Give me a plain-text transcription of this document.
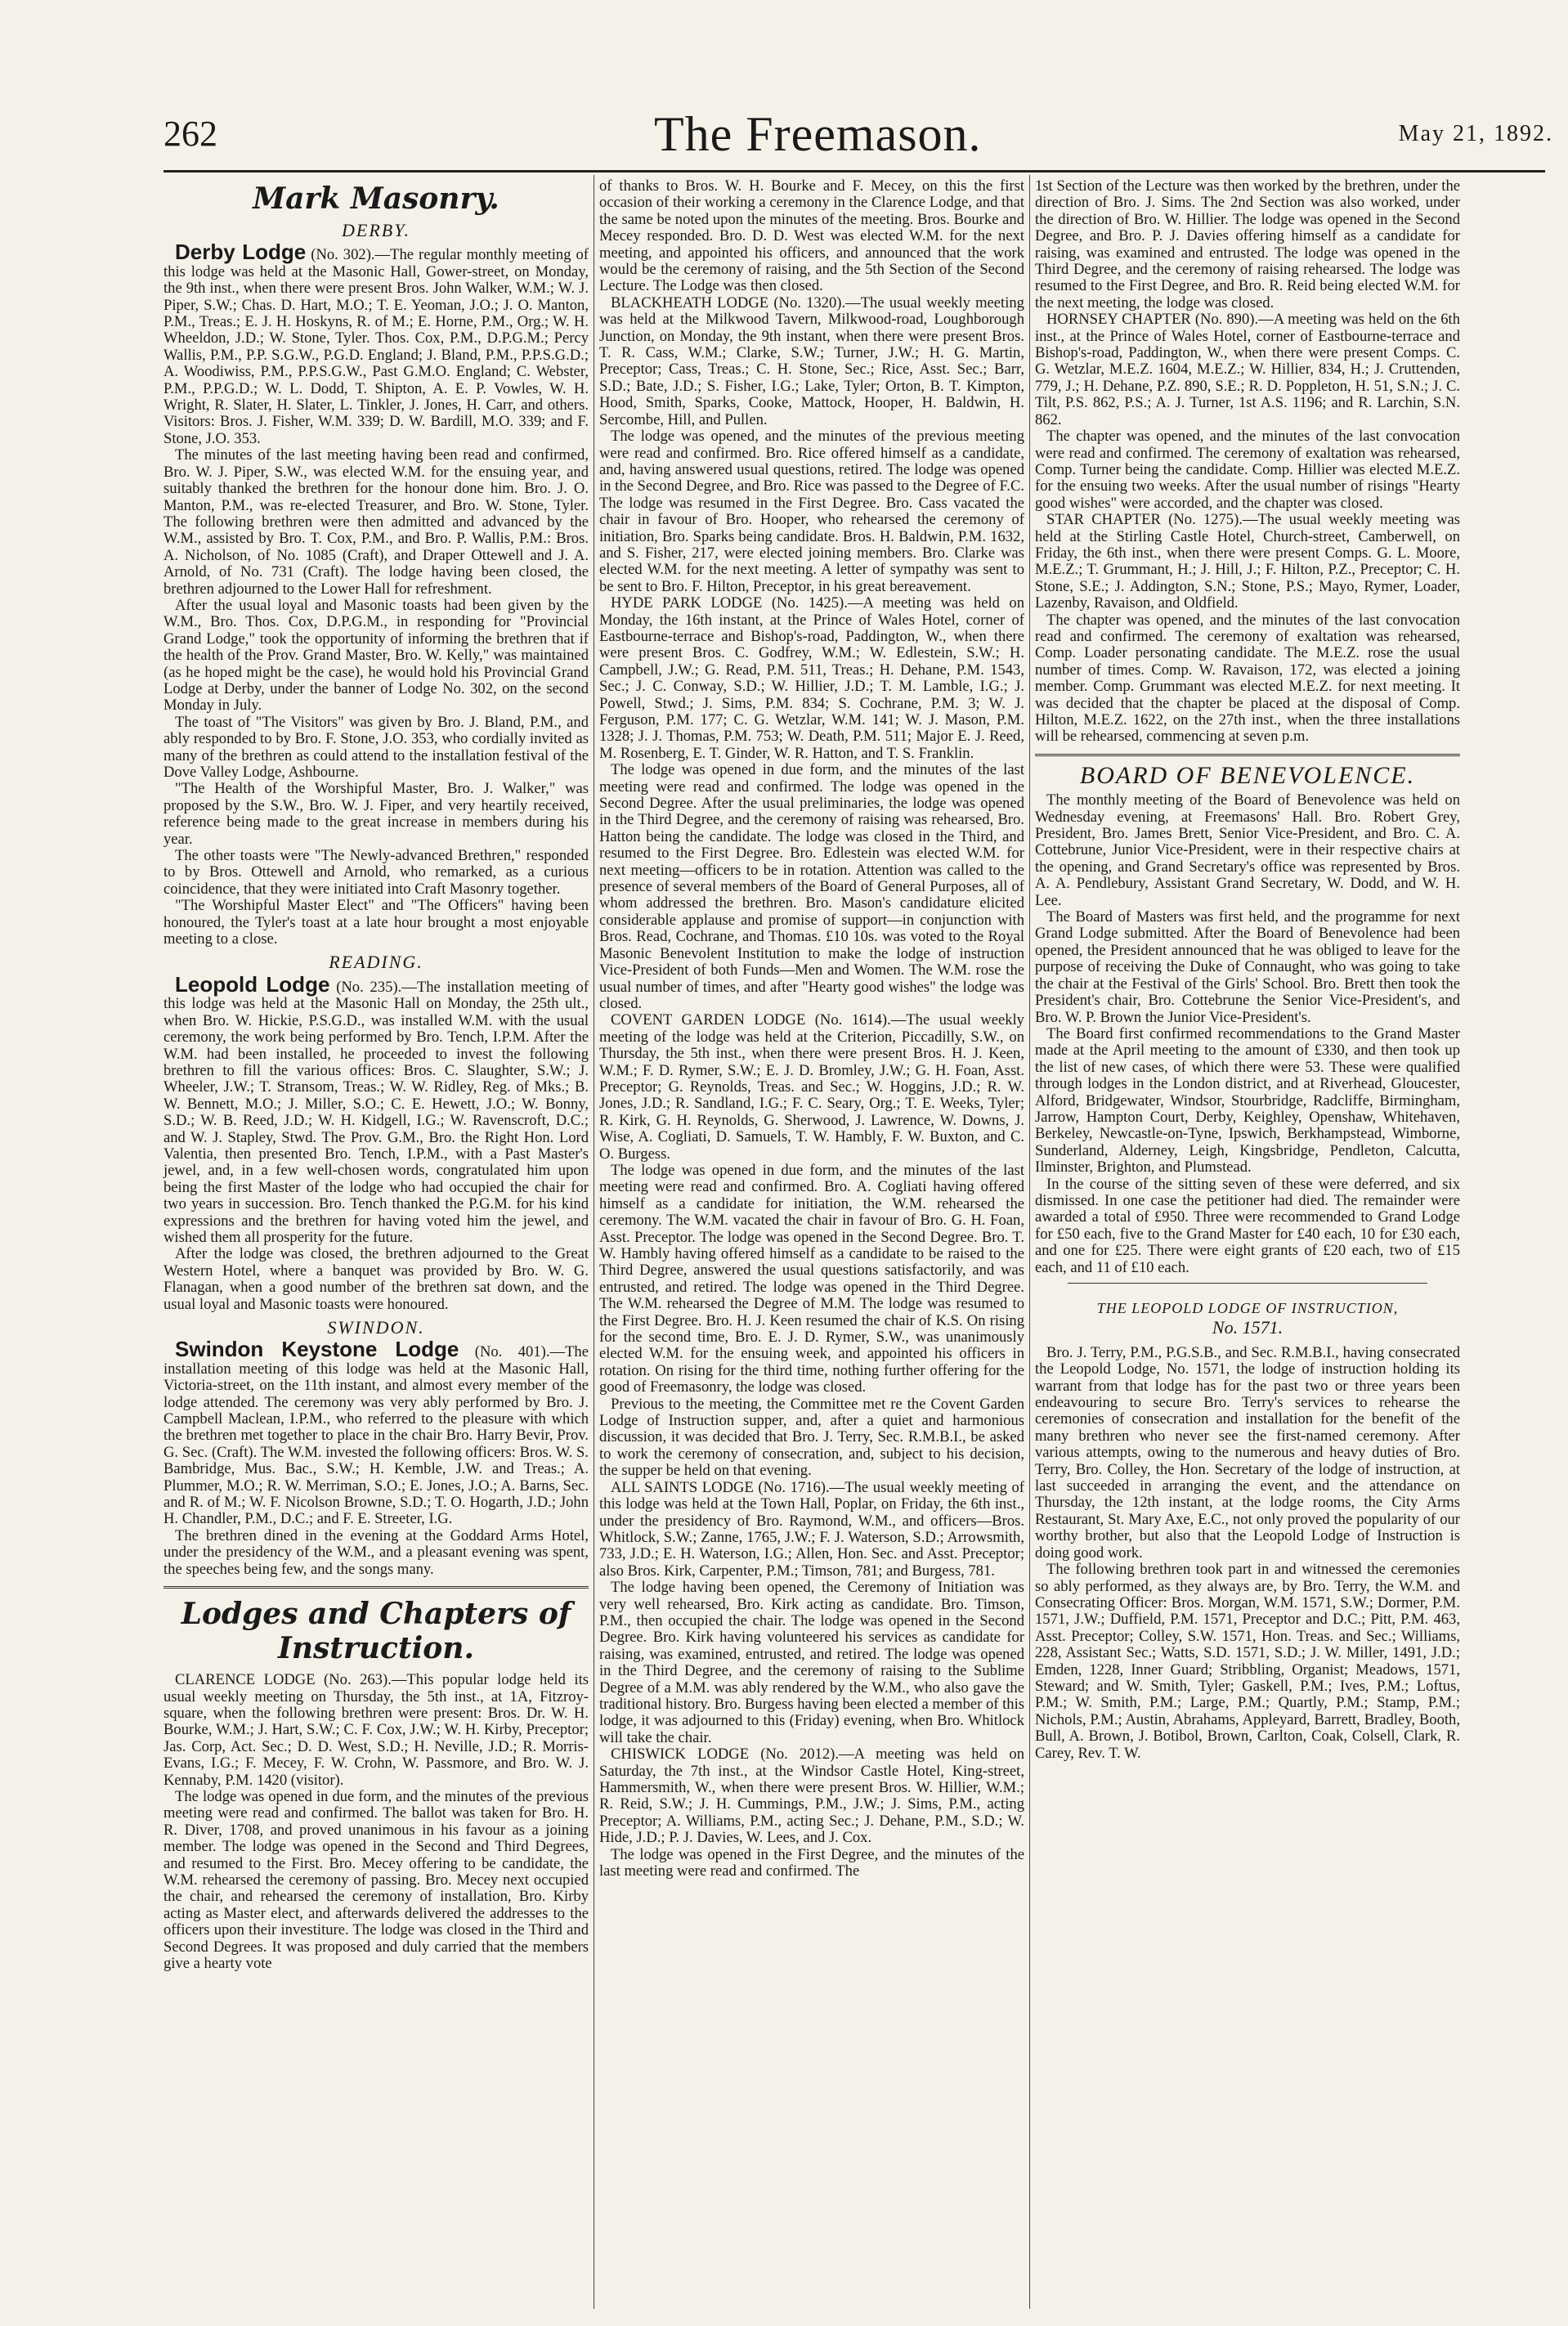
262	The Freemason.	May 21, 1892.
Mark Masonry.
DERBY.

Derby Lodge (No. 302).—The regular monthly meeting of this lodge was held at the Masonic Hall, Gower-street, on Monday, the 9th inst., when there were present Bros. John Walker, W.M.; W. J. Piper, S.W.; Chas. D. Hart, M.O.; T. E. Yeoman, J.O.; J. O. Manton, P.M., Treas.; E. J. H. Hoskyns, R. of M.; E. Horne, P.M., Org.; W. H. Wheeldon, J.D.; W. Stone, Tyler. Thos. Cox, P.M., D.P.G.M.; Percy Wallis, P.M., P.P. S.G.W., P.G.D. England; J. Bland, P.M., P.P.S.G.D.; A. Woodiwiss, P.M., P.P.S.G.W., Past G.M.O. England; C. Webster, P.M., P.P.G.D.; W. L. Dodd, T. Shipton, A. E. P. Vowles, W. H. Wright, R. Slater, H. Slater, L. Tinkler, J. Jones, H. Carr, and others. Visitors: Bros. J. Fisher, W.M. 339; D. W. Bardill, M.O. 339; and F. Stone, J.O. 353.

The minutes of the last meeting having been read and confirmed, Bro. W. J. Piper, S.W., was elected W.M. for the ensuing year, and suitably thanked the brethren for the honour done him. Bro. J. O. Manton, P.M., was re-elected Treasurer, and Bro. W. Stone, Tyler. The following brethren were then admitted and advanced by the W.M., assisted by Bro. T. Cox, P.M., and Bro. P. Wallis, P.M.: Bros. A. Nicholson, of No. 1085 (Craft), and Draper Ottewell and J. A. Arnold, of No. 731 (Craft). The lodge having been closed, the brethren adjourned to the Lower Hall for refreshment.

After the usual loyal and Masonic toasts had been given by the W.M., Bro. Thos. Cox, D.P.G.M., in responding for "Provincial Grand Lodge," took the opportunity of informing the brethren that if the health of the Prov. Grand Master, Bro. W. Kelly," was maintained (as he hoped might be the case), he would hold his Provincial Grand Lodge at Derby, under the banner of Lodge No. 302, on the second Monday in July.

The toast of "The Visitors" was given by Bro. J. Bland, P.M., and ably responded to by Bro. F. Stone, J.O. 353, who cordially invited as many of the brethren as could attend to the installation festival of the Dove Valley Lodge, Ashbourne.

"The Health of the Worshipful Master, Bro. J. Walker," was proposed by the S.W., Bro. W. J. Fiper, and very heartily received, reference being made to the great increase in members during his year.

The other toasts were "The Newly-advanced Brethren," responded to by Bros. Ottewell and Arnold, who remarked, as a curious coincidence, that they were initiated into Craft Masonry together.

"The Worshipful Master Elect" and "The Officers" having been honoured, the Tyler's toast at a late hour brought a most enjoyable meeting to a close.

READING.

Leopold Lodge (No. 235).—The installation meeting of this lodge was held at the Masonic Hall on Monday, the 25th ult., when Bro. W. Hickie, P.S.G.D., was installed W.M. with the usual ceremony, the work being performed by Bro. Tench, I.P.M. After the W.M. had been installed, he proceeded to invest the following brethren to fill the various offices: Bros. C. Slaughter, S.W.; J. Wheeler, J.W.; T. Stransom, Treas.; W. W. Ridley, Reg. of Mks.; B. W. Bennett, M.O.; J. Miller, S.O.; C. E. Hewett, J.O.; W. Bonny, S.D.; W. B. Reed, J.D.; W. H. Kidgell, I.G.; W. Ravenscroft, D.C.; and W. J. Stapley, Stwd. The Prov. G.M., Bro. the Right Hon. Lord Valentia, then presented Bro. Tench, I.P.M., with a Past Master's jewel, and, in a few well-chosen words, congratulated him upon being the first Master of the lodge who had occupied the chair for two years in succession. Bro. Tench thanked the P.G.M. for his kind expressions and the brethren for having voted him the jewel, and wished them all prosperity for the future.

After the lodge was closed, the brethren adjourned to the Great Western Hotel, where a banquet was provided by Bro. W. G. Flanagan, when a good number of the brethren sat down, and the usual loyal and Masonic toasts were honoured.

SWINDON.

Swindon Keystone Lodge (No. 401).—The installation meeting of this lodge was held at the Masonic Hall, Victoria-street, on the 11th instant, and almost every member of the lodge attended. The ceremony was very ably performed by Bro. J. Campbell Maclean, I.P.M., who referred to the pleasure with which the brethren met together to place in the chair Bro. Harry Bevir, Prov. G. Sec. (Craft). The W.M. invested the following officers: Bros. W. S. Bambridge, Mus. Bac., S.W.; H. Kemble, J.W. and Treas.; A. Plummer, M.O.; R. W. Merriman, S.O.; E. Jones, J.O.; A. Barns, Sec. and R. of M.; W. F. Nicolson Browne, S.D.; T. O. Hogarth, J.D.; John H. Chandler, P.M., D.C.; and F. E. Streeter, I.G.

The brethren dined in the evening at the Goddard Arms Hotel, under the presidency of the W.M., and a pleasant evening was spent, the speeches being few, and the songs many.

Lodges and Chapters of Instruction.

CLARENCE LODGE (No. 263).—This popular lodge held its usual weekly meeting on Thursday, the 5th inst., at 1A, Fitzroy-square, when the following brethren were present: Bros. Dr. W. H. Bourke, W.M.; J. Hart, S.W.; C. F. Cox, J.W.; W. H. Kirby, Preceptor; Jas. Corp, Act. Sec.; D. D. West, S.D.; H. Neville, J.D.; R. Morris-Evans, I.G.; F. Mecey, F. W. Crohn, W. Passmore, and Bro. W. J. Kennaby, P.M. 1420 (visitor).

The lodge was opened in due form, and the minutes of the previous meeting were read and confirmed. The ballot was taken for Bro. H. R. Diver, 1708, and proved unanimous in his favour as a joining member. The lodge was opened in the Second and Third Degrees, and resumed to the First. Bro. Mecey offering to be candidate, the W.M. rehearsed the ceremony of passing. Bro. Mecey next occupied the chair, and rehearsed the ceremony of installation, Bro. Kirby acting as Master elect, and afterwards delivered the addresses to the officers upon their investiture. The lodge was closed in the Third and Second Degrees. It was proposed and duly carried that the members give a hearty vote

of thanks to Bros. W. H. Bourke and F. Mecey, on this the first occasion of their working a ceremony in the Clarence Lodge, and that the same be noted upon the minutes of the meeting. Bros. Bourke and Mecey responded. Bro. D. D. West was elected W.M. for the next meeting, and appointed his officers, and announced that the work would be the ceremony of raising, and the 5th Section of the Second Lecture. The Lodge was then closed.

BLACKHEATH LODGE (No. 1320).—The usual weekly meeting was held at the Milkwood Tavern, Milkwood-road, Loughborough Junction, on Monday, the 9th instant, when there were present Bros. T. R. Cass, W.M.; Clarke, S.W.; Turner, J.W.; H. G. Martin, Preceptor; Cass, Treas.; C. H. Stone, Sec.; Rice, Asst. Sec.; Barr, S.D.; Bate, J.D.; S. Fisher, I.G.; Lake, Tyler; Orton, B. T. Kimpton, Hood, Smith, Sparks, Cooke, Mattock, Hooper, H. Baldwin, H. Sercombe, Hill, and Pullen.

The lodge was opened, and the minutes of the previous meeting were read and confirmed. Bro. Rice offered himself as a candidate, and, having answered usual questions, retired. The lodge was opened in the Second Degree, and Bro. Rice was passed to the Degree of F.C. The lodge was resumed in the First Degree. Bro. Cass vacated the chair in favour of Bro. Hooper, who rehearsed the ceremony of initiation, Bro. Sparks being candidate. Bros. H. Baldwin, P.M. 1632, and S. Fisher, 217, were elected joining members. Bro. Clarke was elected W.M. for the next meeting. A letter of sympathy was sent to be sent to Bro. F. Hilton, Preceptor, in his great bereavement.

HYDE PARK LODGE (No. 1425).—A meeting was held on Monday, the 16th instant, at the Prince of Wales Hotel, corner of Eastbourne-terrace and Bishop's-road, Paddington, W., when there were present Bros. C. Godfrey, W.M.; W. Edlestein, S.W.; H. Campbell, J.W.; G. Read, P.M. 511, Treas.; H. Dehane, P.M. 1543, Sec.; J. C. Conway, S.D.; W. Hillier, J.D.; T. M. Lamble, I.G.; J. Powell, Stwd.; J. Sims, P.M. 834; S. Cochrane, P.M. 3; W. J. Ferguson, P.M. 177; C. G. Wetzlar, W.M. 141; W. J. Mason, P.M. 1328; J. J. Thomas, P.M. 753; W. Death, P.M. 511; Major E. J. Reed, M. Rosenberg, E. T. Ginder, W. R. Hatton, and T. S. Franklin.

The lodge was opened in due form, and the minutes of the last meeting were read and confirmed. The lodge was opened in the Second Degree. After the usual preliminaries, the lodge was opened in the Third Degree, and the ceremony of raising was rehearsed, Bro. Hatton being the candidate. The lodge was closed in the Third, and resumed to the First Degree. Bro. Edlestein was elected W.M. for next meeting—officers to be in rotation. Attention was called to the presence of several members of the Board of General Purposes, all of whom addressed the brethren. Bro. Mason's candidature elicited considerable applause and promise of support—in conjunction with Bros. Read, Cochrane, and Thomas. £10 10s. was voted to the Royal Masonic Benevolent Institution to make the lodge of instruction Vice-President of both Funds—Men and Women. The W.M. rose the usual number of times, and after "Hearty good wishes" the lodge was closed.

COVENT GARDEN LODGE (No. 1614).—The usual weekly meeting of the lodge was held at the Criterion, Piccadilly, S.W., on Thursday, the 5th inst., when there were present Bros. H. J. Keen, W.M.; F. D. Rymer, S.W.; E. J. D. Bromley, J.W.; G. H. Foan, Asst. Preceptor; G. Reynolds, Treas. and Sec.; W. Hoggins, J.D.; R. W. Jones, J.D.; R. Sandland, I.G.; F. C. Seary, Org.; T. E. Weeks, Tyler; R. Kirk, G. H. Reynolds, G. Sherwood, J. Lawrence, W. Downs, J. Wise, A. Cogliati, D. Samuels, T. W. Hambly, F. W. Buxton, and C. O. Burgess.

The lodge was opened in due form, and the minutes of the last meeting were read and confirmed. Bro. A. Cogliati having offered himself as a candidate for initiation, the W.M. rehearsed the ceremony. The W.M. vacated the chair in favour of Bro. G. H. Foan, Asst. Preceptor. The lodge was opened in the Second Degree. Bro. T. W. Hambly having offered himself as a candidate to be raised to the Third Degree, answered the usual questions satisfactorily, and was entrusted, and retired. The lodge was opened in the Third Degree. The W.M. rehearsed the Degree of M.M. The lodge was resumed to the First Degree. Bro. H. J. Keen resumed the chair of K.S. On rising for the second time, Bro. E. J. D. Rymer, S.W., was unanimously elected W.M. for the ensuing week, and appointed his officers in rotation. On rising for the third time, nothing further offering for the good of Freemasonry, the lodge was closed.

Previous to the meeting, the Committee met re the Covent Garden Lodge of Instruction supper, and, after a quiet and harmonious discussion, it was decided that Bro. J. Terry, Sec. R.M.B.I., be asked to work the ceremony of consecration, and, subject to his decision, the supper be held on that evening.

ALL SAINTS LODGE (No. 1716).—The usual weekly meeting of this lodge was held at the Town Hall, Poplar, on Friday, the 6th inst., under the presidency of Bro. Raymond, W.M., and officers—Bros. Whitlock, S.W.; Zanne, 1765, J.W.; F. J. Waterson, S.D.; Arrowsmith, 733, J.D.; E. H. Waterson, I.G.; Allen, Hon. Sec. and Asst. Preceptor; also Bros. Kirk, Carpenter, P.M.; Timson, 781; and Burgess, 781.

The lodge having been opened, the Ceremony of Initiation was very well rehearsed, Bro. Kirk acting as candidate. Bro. Timson, P.M., then occupied the chair. The lodge was opened in the Second Degree. Bro. Kirk having volunteered his services as candidate for raising, was examined, entrusted, and retired. The lodge was opened in the Third Degree, and the ceremony of raising to the Sublime Degree of a M.M. was ably rendered by the W.M., who also gave the traditional history. Bro. Burgess having been elected a member of this lodge, it was adjourned to this (Friday) evening, when Bro. Whitlock will take the chair.

CHISWICK LODGE (No. 2012).—A meeting was held on Saturday, the 7th inst., at the Windsor Castle Hotel, King-street, Hammersmith, W., when there were present Bros. W. Hillier, W.M.; R. Reid, S.W.; J. H. Cummings, P.M., J.W.; J. Sims, P.M., acting Preceptor; A. Williams, P.M., acting Sec.; J. Dehane, P.M., S.D.; W. Hide, J.D.; P. J. Davies, W. Lees, and J. Cox.

The lodge was opened in the First Degree, and the minutes of the last meeting were read and confirmed. The

1st Section of the Lecture was then worked by the brethren, under the direction of Bro. J. Sims. The 2nd Section was also worked, under the direction of Bro. W. Hillier. The lodge was opened in the Second Degree, and Bro. P. J. Davies offering himself as a candidate for raising, was examined and entrusted. The lodge was opened in the Third Degree, and the ceremony of raising rehearsed. The lodge was resumed to the First Degree, and Bro. R. Reid being elected W.M. for the next meeting, the lodge was closed.

HORNSEY CHAPTER (No. 890).—A meeting was held on the 6th inst., at the Prince of Wales Hotel, corner of Eastbourne-terrace and Bishop's-road, Paddington, W., when there were present Comps. C. G. Wetzlar, M.E.Z. 1604, M.E.Z.; W. Hillier, 834, H.; J. Cruttenden, 779, J.; H. Dehane, P.Z. 890, S.E.; R. D. Poppleton, H. 51, S.N.; J. C. Tilt, P.S. 862, P.S.; A. J. Turner, 1st A.S. 1196; and R. Larchin, S.N. 862.

The chapter was opened, and the minutes of the last convocation were read and confirmed. The ceremony of exaltation was rehearsed, Comp. Turner being the candidate. Comp. Hillier was elected M.E.Z. for the ensuing two weeks. After the usual number of risings "Hearty good wishes" were accorded, and the chapter was closed.

STAR CHAPTER (No. 1275).—The usual weekly meeting was held at the Stirling Castle Hotel, Church-street, Camberwell, on Friday, the 6th inst., when there were present Comps. G. L. Moore, M.E.Z.; T. Grummant, H.; J. Hill, J.; F. Hilton, P.Z., Preceptor; C. H. Stone, S.E.; J. Addington, S.N.; Stone, P.S.; Mayo, Rymer, Loader, Lazenby, Ravaison, and Oldfield.

The chapter was opened, and the minutes of the last convocation read and confirmed. The ceremony of exaltation was rehearsed, Comp. Loader personating candidate. The M.E.Z. rose the usual number of times. Comp. W. Ravaison, 172, was elected a joining member. Comp. Grummant was elected M.E.Z. for next meeting. It was decided that the chapter be placed at the disposal of Comp. Hilton, M.E.Z. 1622, on the 27th inst., when the three installations will be rehearsed, commencing at seven p.m.

BOARD OF BENEVOLENCE.

The monthly meeting of the Board of Benevolence was held on Wednesday evening, at Freemasons' Hall. Bro. Robert Grey, President, Bro. James Brett, Senior Vice-President, and Bro. C. A. Cottebrune, Junior Vice-President, were in their respective chairs at the opening, and Grand Secretary's office was represented by Bros. A. A. Pendlebury, Assistant Grand Secretary, W. Dodd, and W. H. Lee.

The Board of Masters was first held, and the programme for next Grand Lodge submitted. After the Board of Benevolence had been opened, the President announced that he was obliged to leave for the purpose of receiving the Duke of Connaught, who was going to take the chair at the Festival of the Girls' School. Bro. Brett then took the President's chair, Bro. Cottebrune the Senior Vice-President's, and Bro. W. P. Brown the Junior Vice-President's.

The Board first confirmed recommendations to the Grand Master made at the April meeting to the amount of £330, and then took up the list of new cases, of which there were 53. These were qualified through lodges in the London district, and at Riverhead, Gloucester, Alford, Bridgewater, Windsor, Stourbridge, Radcliffe, Birmingham, Jarrow, Hampton Court, Derby, Keighley, Openshaw, Whitehaven, Berkeley, Newcastle-on-Tyne, Ipswich, Berkhampstead, Wimborne, Sunderland, Alderney, Leigh, Kingsbridge, Pendleton, Calcutta, Ilminster, Brighton, and Plumstead.

In the course of the sitting seven of these were deferred, and six dismissed. In one case the petitioner had died. The remainder were awarded a total of £950. Three were recommended to Grand Lodge for £50 each, five to the Grand Master for £40 each, 10 for £30 each, and one for £25. There were eight grants of £20 each, two of £15 each, and 11 of £10 each.

THE LEOPOLD LODGE OF INSTRUCTION,
No. 1571.

Bro. J. Terry, P.M., P.G.S.B., and Sec. R.M.B.I., having consecrated the Leopold Lodge, No. 1571, the lodge of instruction holding its warrant from that lodge has for the past two or three years been endeavouring to secure Bro. Terry's services to rehearse the ceremonies of consecration and installation for the benefit of the many brethren who never see the first-named ceremony. After various attempts, owing to the numerous and heavy duties of Bro. Terry, Bro. Colley, the Hon. Secretary of the lodge of instruction, at last succeeded in arranging the event, and the attendance on Thursday, the 12th instant, at the lodge rooms, the City Arms Restaurant, St. Mary Axe, E.C., not only proved the popularity of our worthy brother, but also that the Leopold Lodge of Instruction is doing good work.

The following brethren took part in and witnessed the ceremonies so ably performed, as they always are, by Bro. Terry, the W.M. and Consecrating Officer: Bros. Morgan, W.M. 1571, S.W.; Dormer, P.M. 1571, J.W.; Duffield, P.M. 1571, Preceptor and D.C.; Pitt, P.M. 463, Asst. Preceptor; Colley, S.W. 1571, Hon. Treas. and Sec.; Williams, 228, Assistant Sec.; Watts, S.D. 1571, S.D.; J. W. Miller, 1491, J.D.; Emden, 1228, Inner Guard; Stribbling, Organist; Meadows, 1571, Steward; and W. Smith, Tyler; Gaskell, P.M.; Ives, P.M.; Loftus, P.M.; W. Smith, P.M.; Large, P.M.; Quartly, P.M.; Stamp, P.M.; Nichols, P.M.; Austin, Abrahams, Appleyard, Barrett, Bradley, Booth, Bull, A. Brown, J. Botibol, Brown, Carlton, Coak, Colsell, Clark, R. Carey, Rev. T. W.
